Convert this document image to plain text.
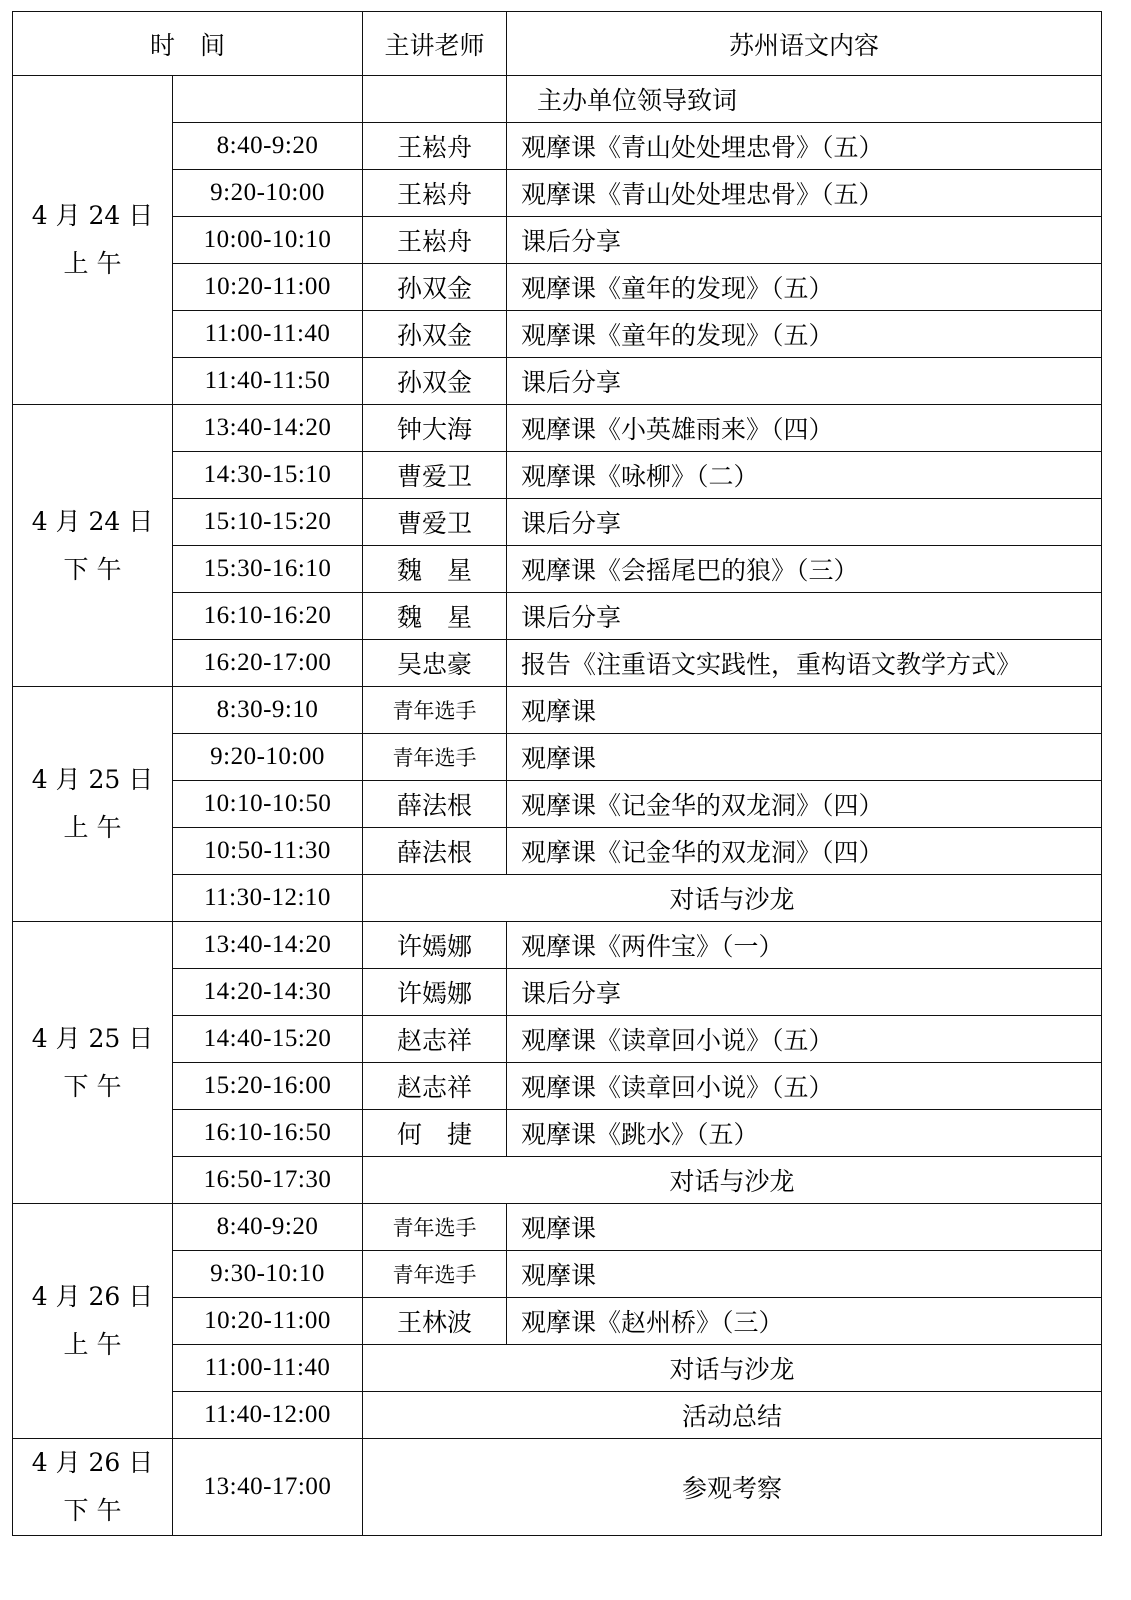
时　间		主讲老师	苏州语文内容

4 月 24 日
上 午			主办单位领导致词
	8:40-9:20	王崧舟	观摩课《青山处处埋忠骨》（五）
	9:20-10:00	王崧舟	观摩课《青山处处埋忠骨》（五）
	10:00-10:10	王崧舟	课后分享
	10:20-11:00	孙双金	观摩课《童年的发现》（五）
	11:00-11:40	孙双金	观摩课《童年的发现》（五）
	11:40-11:50	孙双金	课后分享

4 月 24 日
下 午	13:40-14:20	钟大海	观摩课《小英雄雨来》（四）
	14:30-15:10	曹爱卫	观摩课《咏柳》（二）
	15:10-15:20	曹爱卫	课后分享
	15:30-16:10	魏　星	观摩课《会摇尾巴的狼》（三）
	16:10-16:20	魏　星	课后分享
	16:20-17:00	吴忠豪	报告《注重语文实践性，重构语文教学方式》

4 月 25 日
上 午	8:30-9:10	青年选手	观摩课
	9:20-10:00	青年选手	观摩课
	10:10-10:50	薛法根	观摩课《记金华的双龙洞》（四）
	10:50-11:30	薛法根	观摩课《记金华的双龙洞》（四）
	11:30-12:10	对话与沙龙	

4 月 25 日
下 午	13:40-14:20	许嫣娜	观摩课《两件宝》（一）
	14:20-14:30	许嫣娜	课后分享
	14:40-15:20	赵志祥	观摩课《读章回小说》（五）
	15:20-16:00	赵志祥	观摩课《读章回小说》（五）
	16:10-16:50	何　捷	观摩课《跳水》（五）
	16:50-17:30	对话与沙龙	

4 月 26 日
上 午	8:40-9:20	青年选手	观摩课
	9:30-10:10	青年选手	观摩课
	10:20-11:00	王林波	观摩课《赵州桥》（三）
	11:00-11:40	对话与沙龙	
	11:40-12:00	活动总结	

4 月 26 日
下 午	13:40-17:00	参观考察	
